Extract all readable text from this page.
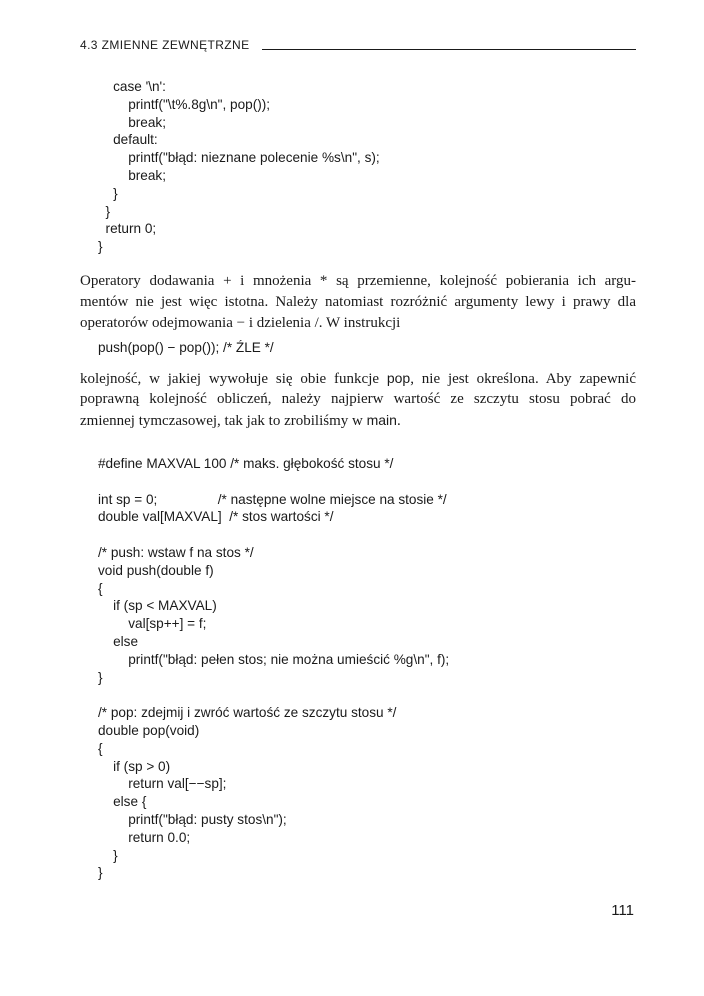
4.3 ZMIENNE ZEWNĘTRZNE
case '\n':
printf("\t%.8g\n", pop());
break;
default:
printf("błąd: nieznane polecenie %s\n", s);
break;
}
}
return 0;
}
Operatory dodawania + i mnożenia * są przemienne, kolejność pobierania ich argu-
mentów nie jest więc istotna. Należy natomiast rozróżnić argumenty lewy i prawy dla
operatorów odejmowania − i dzielenia /. W instrukcji
push(pop() − pop()); /* ŹLE */
kolejność, w jakiej wywołuje się obie funkcje pop, nie jest określona. Aby zapewnić
poprawną kolejność obliczeń, należy najpierw wartość ze szczytu stosu pobrać do
zmiennej tymczasowej, tak jak to zrobiliśmy w main.
#define MAXVAL 100 /* maks. głębokość stosu */
int sp = 0;                /* następne wolne miejsce na stosie */
double val[MAXVAL]  /* stos wartości */
/* push: wstaw f na stos */
void push(double f)
{
if (sp < MAXVAL)
val[sp++] = f;
else
printf("błąd: pełen stos; nie można umieścić %g\n", f);
}
/* pop: zdejmij i zwróć wartość ze szczytu stosu */
double pop(void)
{
if (sp > 0)
return val[−−sp];
else {
printf("błąd: pusty stos\n");
return 0.0;
}
}
111
